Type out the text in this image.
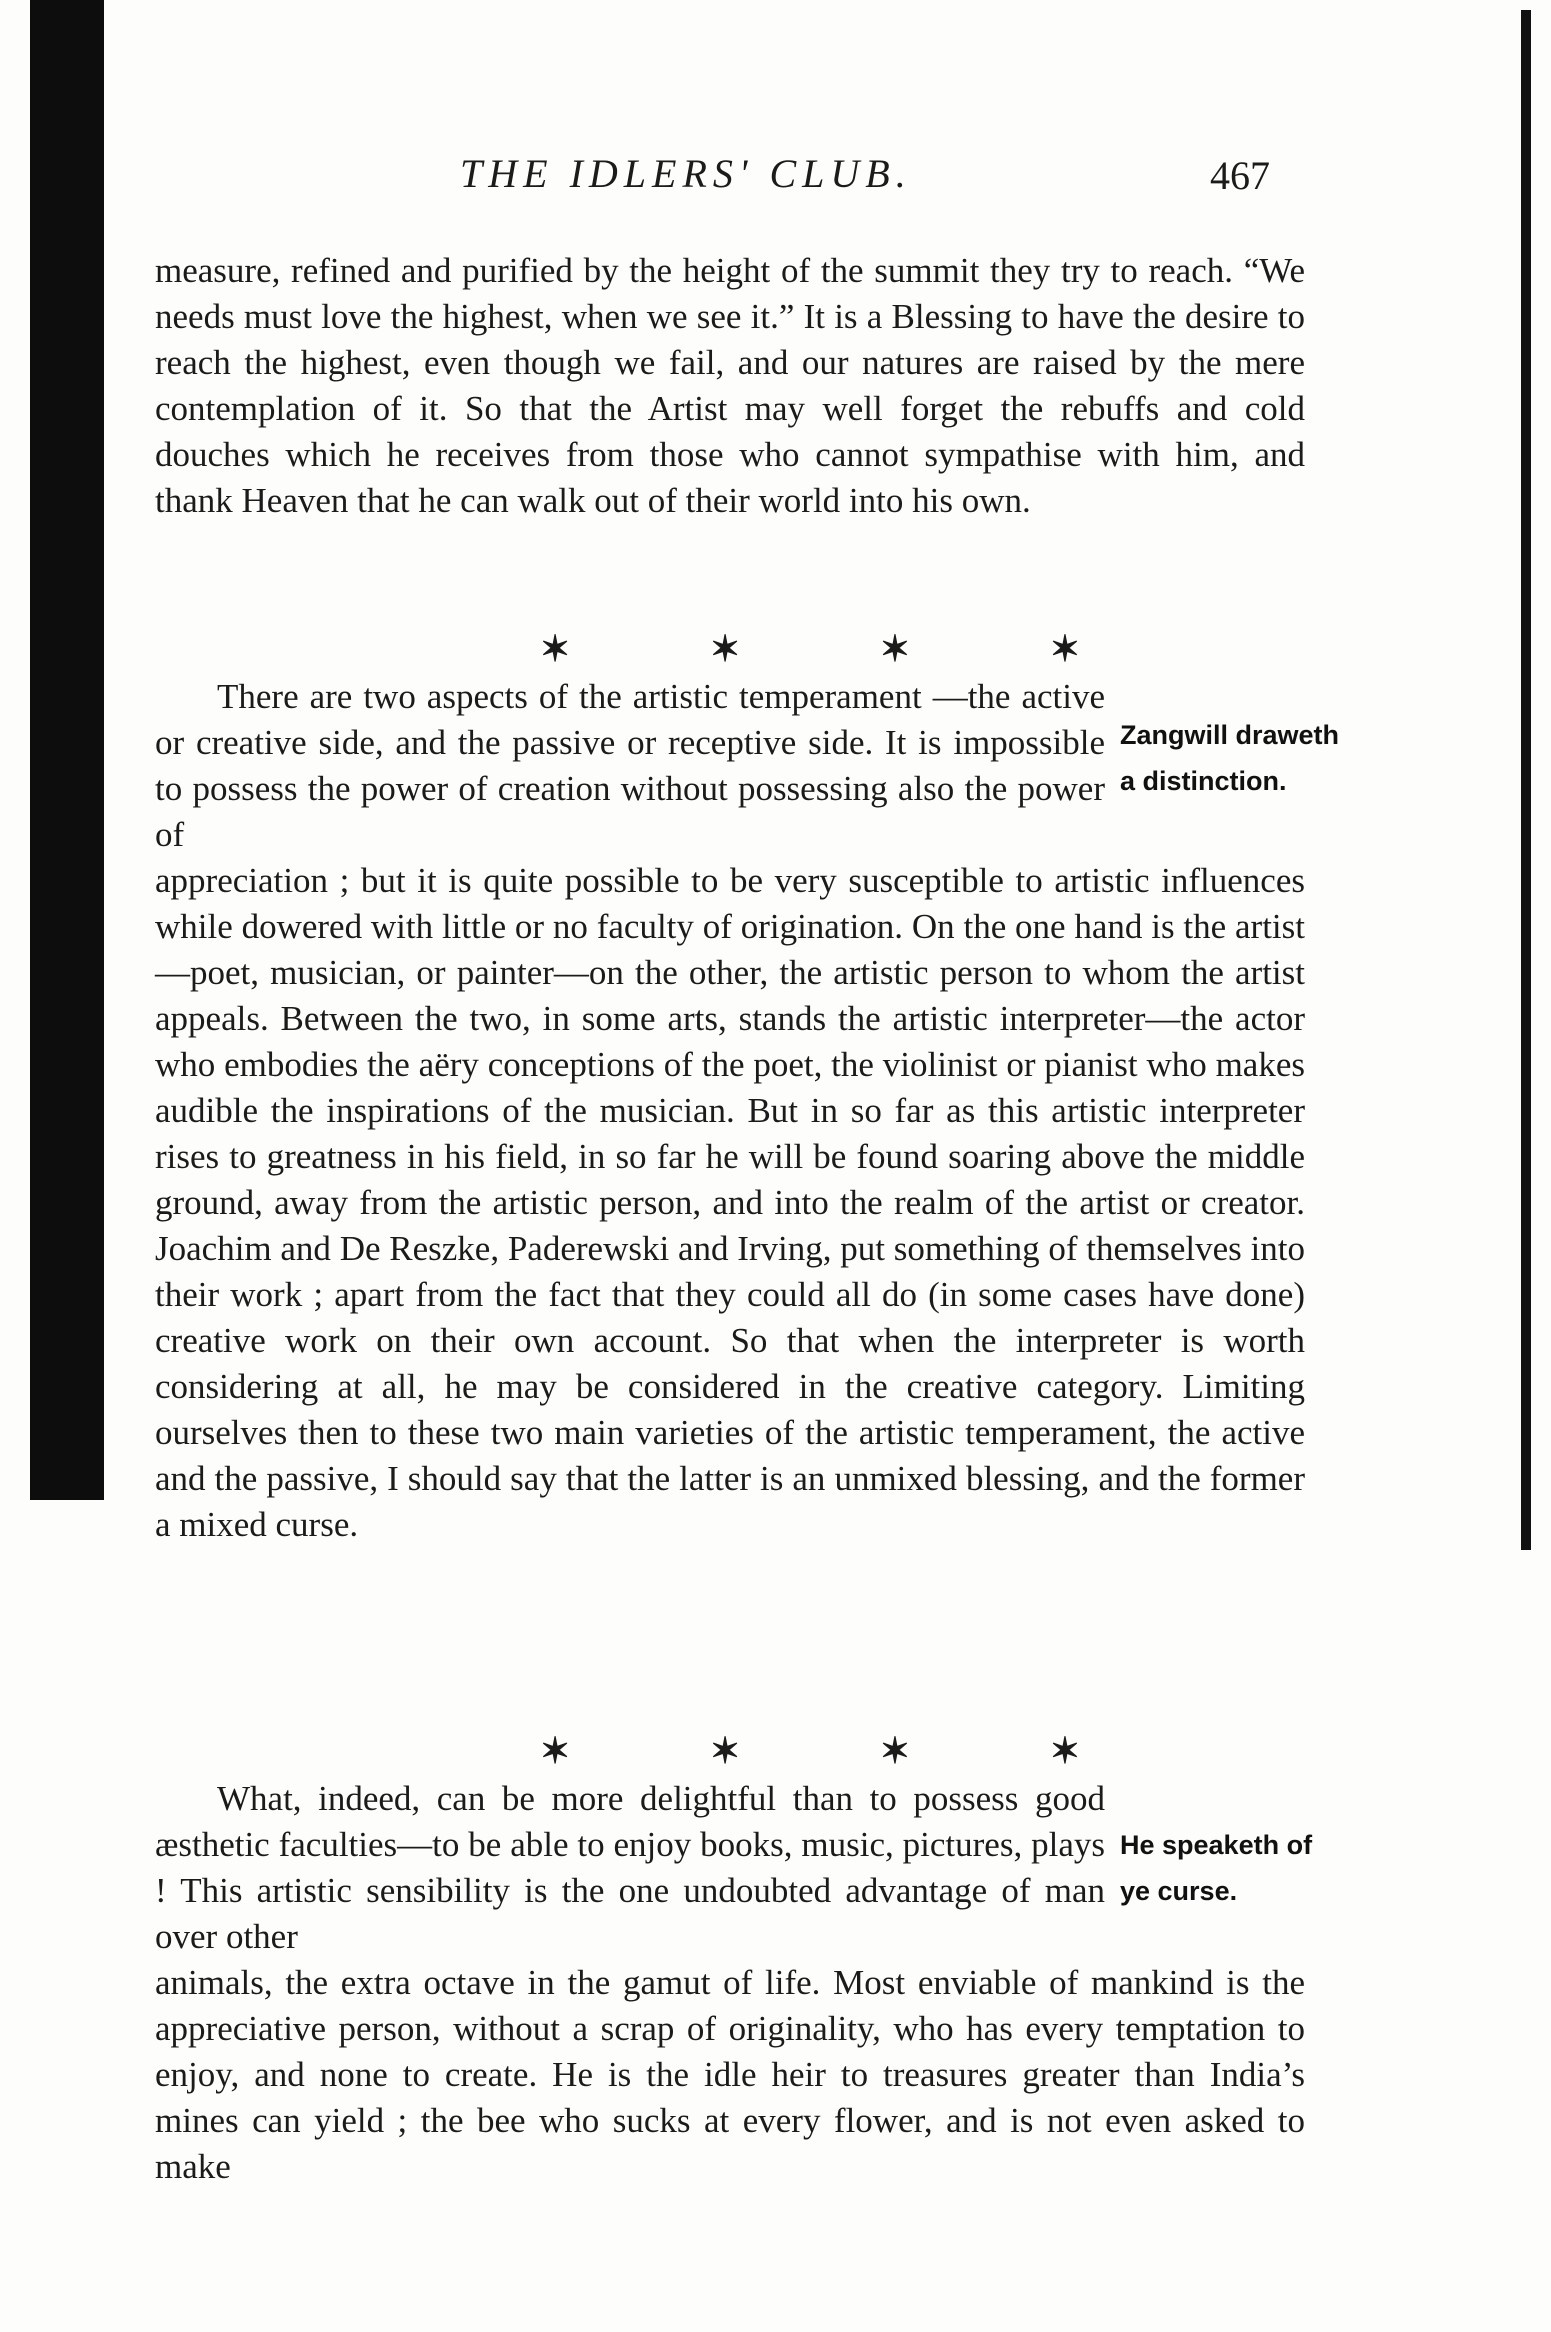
THE IDLERS' CLUB.	467
measure, refined and purified by the height of the summit they try to reach. “We needs must love the highest, when we see it.” It is a Blessing to have the desire to reach the highest, even though we fail, and our natures are raised by the mere contemplation of it. So that the Artist may well forget the rebuffs and cold douches which he receives from those who cannot sympathise with him, and thank Heaven that he can walk out of their world into his own.
✶	✶	✶	✶
There are two aspects of the artistic temperament —the active or creative side, and the passive or receptive side. It is impossible to possess the power of creation without possessing also the power of
appreciation ; but it is quite possible to be very susceptible to artistic influences while dowered with little or no faculty of origination. On the one hand is the artist—poet, musician, or painter—on the other, the artistic person to whom the artist appeals. Between the two, in some arts, stands the artistic interpreter—the actor who embodies the aëry conceptions of the poet, the violinist or pianist who makes audible the inspirations of the musician. But in so far as this artistic interpreter rises to greatness in his field, in so far he will be found soaring above the middle ground, away from the artistic person, and into the realm of the artist or creator. Joachim and De Reszke, Paderewski and Irving, put something of themselves into their work ; apart from the fact that they could all do (in some cases have done) creative work on their own account. So that when the interpreter is worth considering at all, he may be considered in the creative category. Limiting ourselves then to these two main varieties of the artistic temperament, the active and the passive, I should say that the latter is an unmixed blessing, and the former a mixed curse.
Zangwill draweth
a distinction.
✶	✶	✶	✶
What, indeed, can be more delightful than to possess good æsthetic faculties—to be able to enjoy books, music, pictures, plays ! This artistic sensibility is the one undoubted advantage of man over other
animals, the extra octave in the gamut of life. Most enviable of mankind is the appreciative person, without a scrap of originality, who has every temptation to enjoy, and none to create. He is the idle heir to treasures greater than India’s mines can yield ; the bee who sucks at every flower, and is not even asked to make
He speaketh of
ye curse.
